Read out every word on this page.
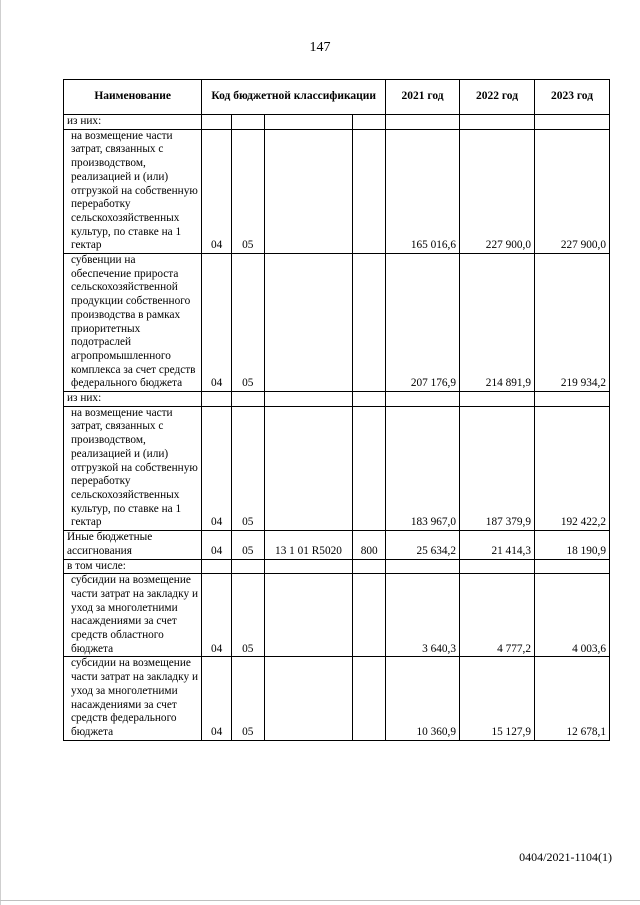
147
Наименование	Код бюджетной классификации				2021 год	2022 год	2023 год
из них:							
на возмещение части затрат, связанных с производством, реализацией и (или) отгрузкой на собственную переработку сельскохозяйственных культур, по ставке на 1 гектар	04	05			165 016,6	227 900,0	227 900,0
субвенции на обеспечение прироста сельскохозяйственной продукции собственного производства в рамках приоритетных подотраслей агропромышленного комплекса за счет средств федерального бюджета	04	05			207 176,9	214 891,9	219 934,2
из них:							
на возмещение части затрат, связанных с производством, реализацией и (или) отгрузкой на собственную переработку сельскохозяйственных культур, по ставке на 1 гектар	04	05			183 967,0	187 379,9	192 422,2
Иные бюджетные ассигнования	04	05	13 1 01 R5020	800	25 634,2	21 414,3	18 190,9
в том числе:							
субсидии на возмещение части затрат на закладку и уход за многолетними насаждениями за счет средств областного бюджета	04	05			3 640,3	4 777,2	4 003,6
субсидии на возмещение части затрат на закладку и уход за многолетними насаждениями за счет средств федерального бюджета	04	05			10 360,9	15 127,9	12 678,1
0404/2021-1104(1)
